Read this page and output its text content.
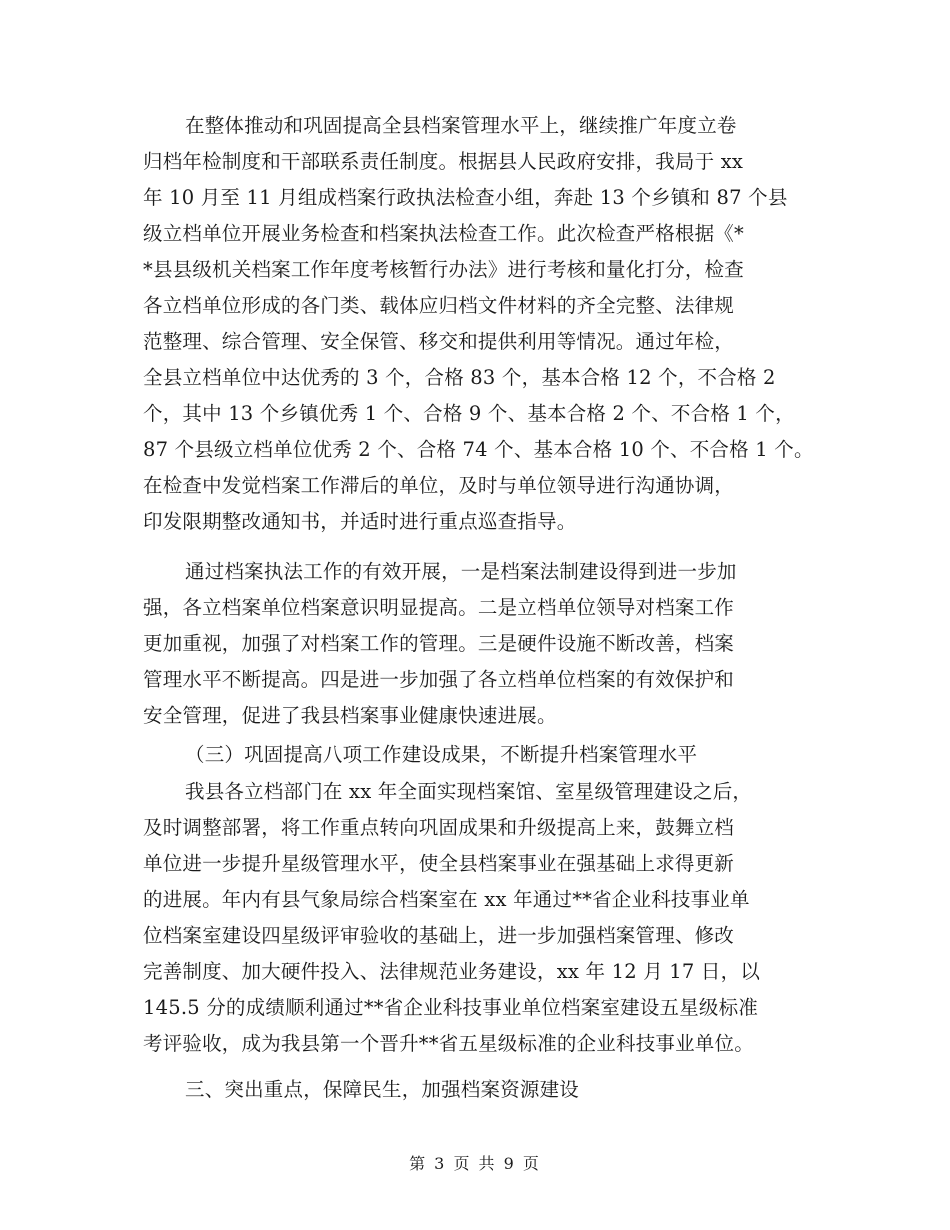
在整体推动和巩固提高全县档案管理水平上，继续推广年度立卷
归档年检制度和干部联系责任制度。根据县人民政府安排，我局于 xx
年 10 月至 11 月组成档案行政执法检查小组，奔赴 13 个乡镇和 87 个县
级立档单位开展业务检查和档案执法检查工作。此次检查严格根据《*
*县县级机关档案工作年度考核暂行办法》进行考核和量化打分，检查
各立档单位形成的各门类、载体应归档文件材料的齐全完整、法律规
范整理、综合管理、安全保管、移交和提供利用等情况。通过年检，
全县立档单位中达优秀的 3 个，合格 83 个，基本合格 12 个，不合格 2
个，其中 13 个乡镇优秀 1 个、合格 9 个、基本合格 2 个、不合格 1 个，
87 个县级立档单位优秀 2 个、合格 74 个、基本合格 10 个、不合格 1 个。
在检查中发觉档案工作滞后的单位，及时与单位领导进行沟通协调，
印发限期整改通知书，并适时进行重点巡查指导。
通过档案执法工作的有效开展，一是档案法制建设得到进一步加
强，各立档案单位档案意识明显提高。二是立档单位领导对档案工作
更加重视，加强了对档案工作的管理。三是硬件设施不断改善，档案
管理水平不断提高。四是进一步加强了各立档单位档案的有效保护和
安全管理，促进了我县档案事业健康快速进展。
（三）巩固提高八项工作建设成果，不断提升档案管理水平
我县各立档部门在 xx 年全面实现档案馆、室星级管理建设之后，
及时调整部署，将工作重点转向巩固成果和升级提高上来，鼓舞立档
单位进一步提升星级管理水平，使全县档案事业在强基础上求得更新
的进展。年内有县气象局综合档案室在 xx 年通过**省企业科技事业单
位档案室建设四星级评审验收的基础上，进一步加强档案管理、修改
完善制度、加大硬件投入、法律规范业务建设，xx 年 12 月 17 日，以
145.5 分的成绩顺利通过**省企业科技事业单位档案室建设五星级标准
考评验收，成为我县第一个晋升**省五星级标准的企业科技事业单位。
三、突出重点，保障民生，加强档案资源建设
第 3 页 共 9 页
